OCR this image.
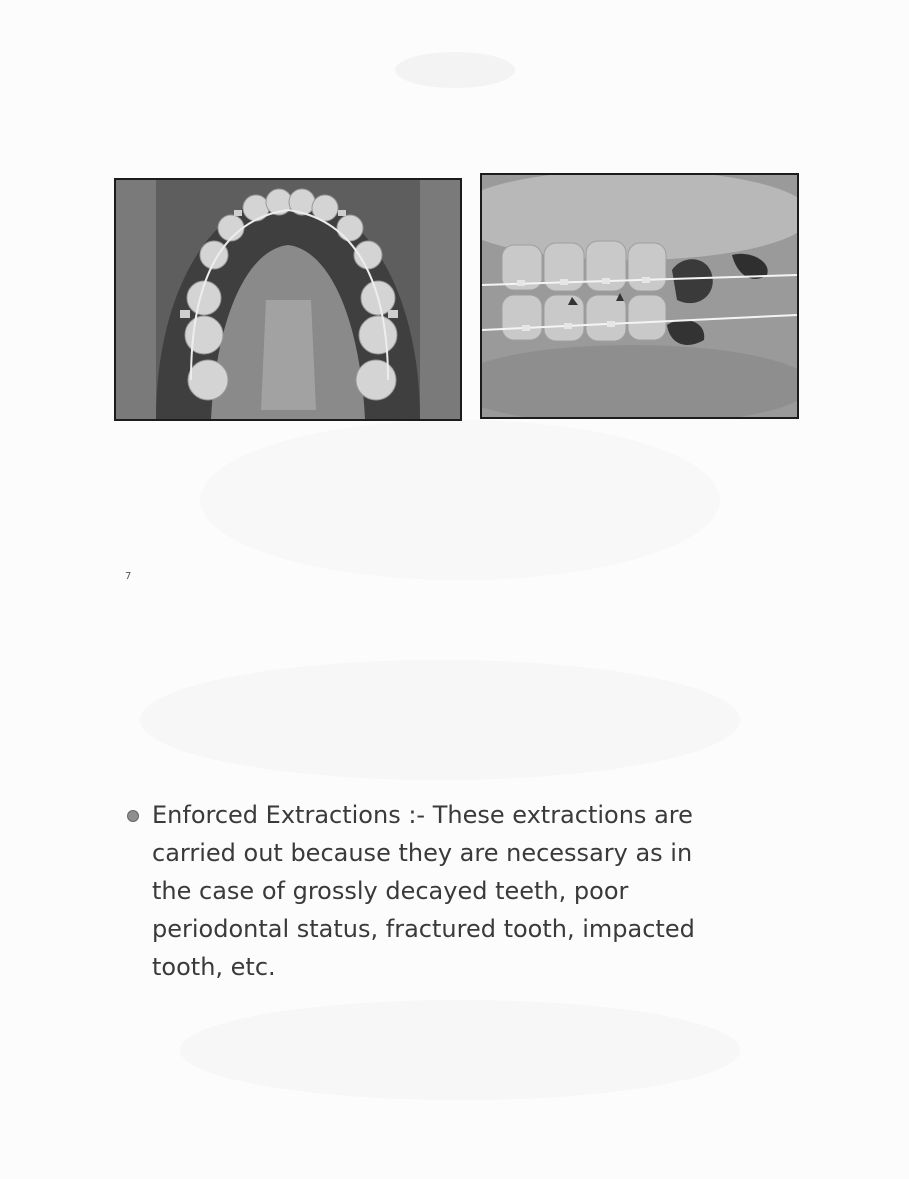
7
Enforced Extractions :- These extractions are
carried out because they are necessary as in
the case of grossly decayed teeth, poor
periodontal status, fractured tooth, impacted
tooth, etc.
